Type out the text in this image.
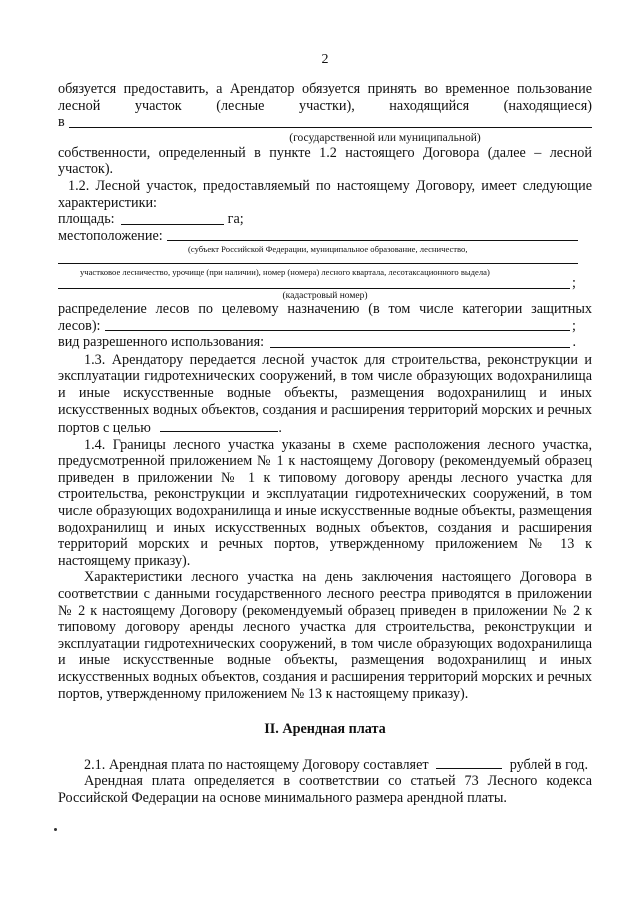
2
обязуется предоставить, а Арендатор обязуется принять во временное пользование
лесной участок (лесные участки), находящийся (находящиеся)
в
(государственной или муниципальной)

собственности, определенный в пункте 1.2 настоящего Договора (далее – лесной участок).

1.2. Лесной участок, предоставляемый по настоящему Договору, имеет следующие характеристики:

площадь:	га;
местоположение:
(субъект Российской Федерации, муниципальное образование, лесничество,
участковое лесничество, урочище (при наличии), номер (номера) лесного квартала, лесотаксационного выдела)
;
(кадастровый номер)
распределение лесов по целевому назначению (в том числе категории защитных
лесов):	;
вид разрешенного использования:	.

1.3. Арендатору передается лесной участок для строительства, реконструкции и эксплуатации гидротехнических сооружений, в том числе образующих водохранилища и иные искусственные водные объекты, размещения водохранилищ и иных искусственных водных объектов, создания и расширения территорий морских и речных портов с целью	.

1.4. Границы лесного участка указаны в схеме расположения лесного участка, предусмотренной приложением № 1 к настоящему Договору (рекомендуемый образец приведен в приложении № 1 к типовому договору аренды лесного участка для строительства, реконструкции и эксплуатации гидротехнических сооружений, в том числе образующих водохранилища и иные искусственные водные объекты, размещения водохранилищ и иных искусственных водных объектов, создания и расширения территорий морских и речных портов, утвержденному приложением № 13 к настоящему приказу).

Характеристики лесного участка на день заключения настоящего Договора в соответствии с данными государственного лесного реестра приводятся в приложении № 2 к настоящему Договору (рекомендуемый образец приведен в приложении № 2 к типовому договору аренды лесного участка для строительства, реконструкции и эксплуатации гидротехнических сооружений, в том числе образующих водохранилища и иные искусственные водные объекты, размещения водохранилищ и иных искусственных водных объектов, создания и расширения территорий морских и речных портов, утвержденному приложением № 13 к настоящему приказу).

II. Арендная плата

2.1. Арендная плата по настоящему Договору составляет	рублей в год.

Арендная плата определяется в соответствии со статьей 73 Лесного кодекса Российской Федерации на основе минимального размера арендной платы.
